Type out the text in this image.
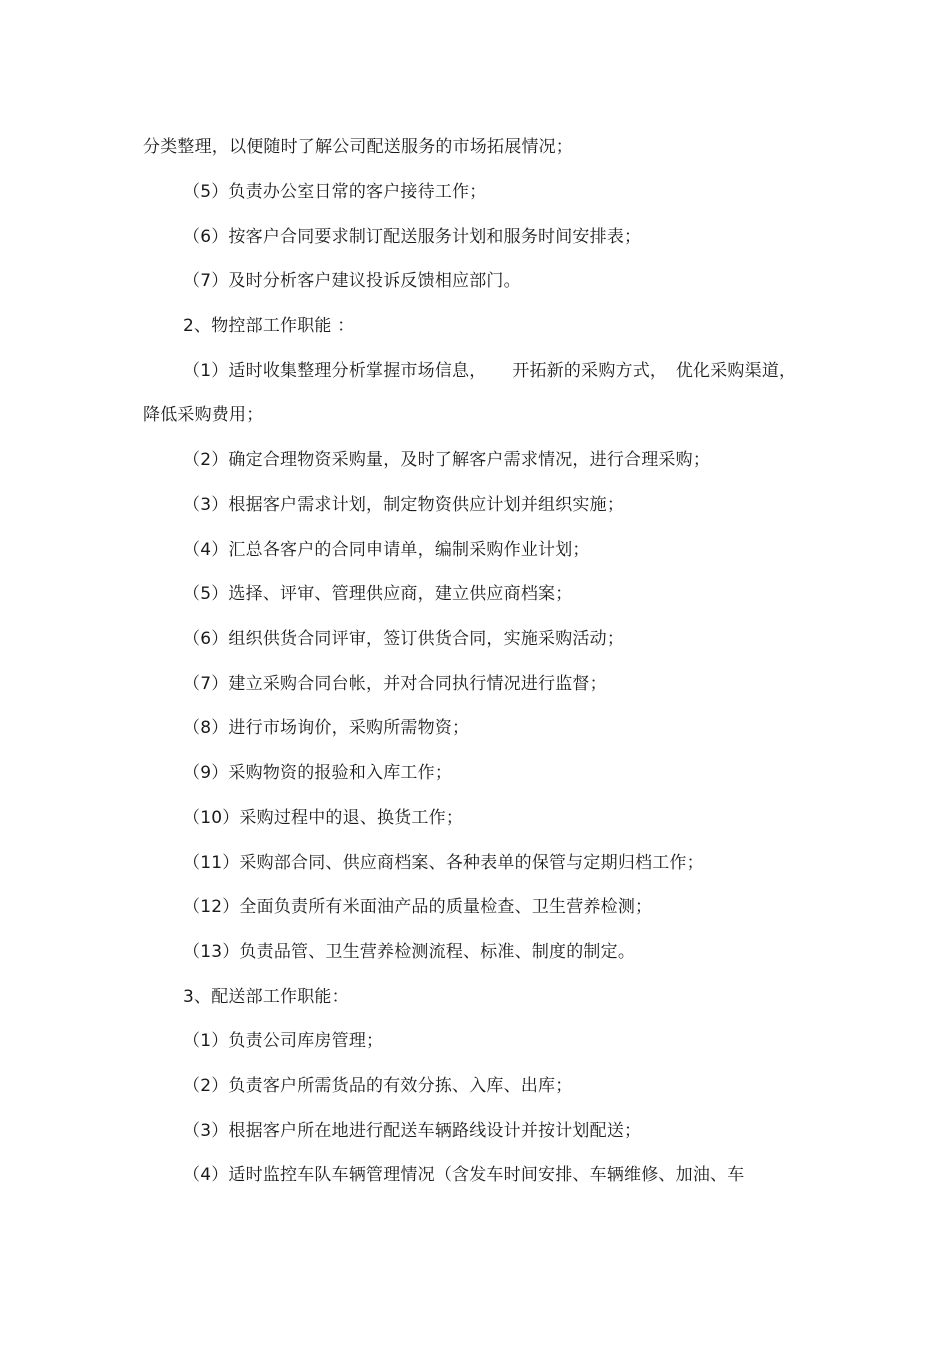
分类整理，以便随时了解公司配送服务的市场拓展情况；
（5）负责办公室日常的客户接待工作；
（6）按客户合同要求制订配送服务计划和服务时间安排表；
（7）及时分析客户建议投诉反馈相应部门。
2、物控部工作职能 ：
（1）适时收集整理分析掌握市场信息，　　开拓新的采购方式，　优化采购渠道，
降低采购费用；
（2）确定合理物资采购量，及时了解客户需求情况，进行合理采购；
（3）根据客户需求计划，制定物资供应计划并组织实施；
（4）汇总各客户的合同申请单，编制采购作业计划；
（5）选择、评审、管理供应商，建立供应商档案；
（6）组织供货合同评审，签订供货合同，实施采购活动；
（7）建立采购合同台帐，并对合同执行情况进行监督；
（8）进行市场询价，采购所需物资；
（9）采购物资的报验和入库工作；
（10）采购过程中的退、换货工作；
（11）采购部合同、供应商档案、各种表单的保管与定期归档工作；
（12）全面负责所有米面油产品的质量检查、卫生营养检测；
（13）负责品管、卫生营养检测流程、标准、制度的制定。
3、配送部工作职能：
（1）负责公司库房管理；
（2）负责客户所需货品的有效分拣、入库、出库；
（3）根据客户所在地进行配送车辆路线设计并按计划配送；
（4）适时监控车队车辆管理情况（含发车时间安排、车辆维修、加油、车
